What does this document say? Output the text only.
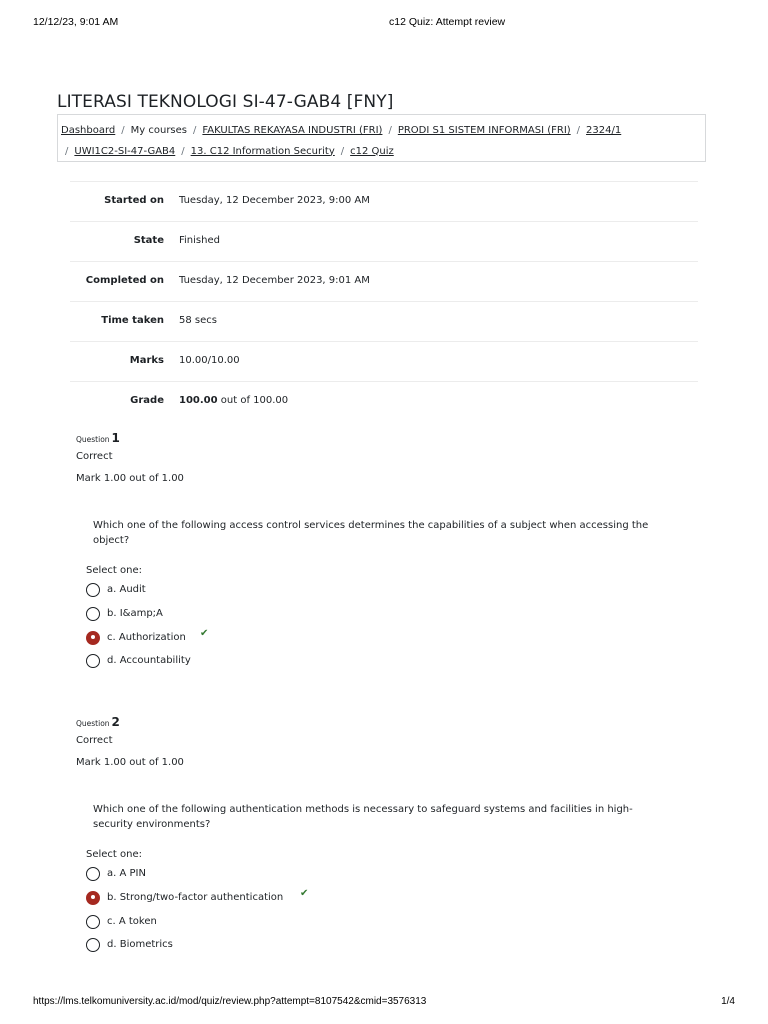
12/12/23, 9:01 AM	c12 Quiz: Attempt review
LITERASI TEKNOLOGI SI-47-GAB4 [FNY]
Dashboard / My courses / FAKULTAS REKAYASA INDUSTRI (FRI) / PRODI S1 SISTEM INFORMASI (FRI) / 2324/1
/ UWI1C2-SI-47-GAB4 / 13. C12 Information Security / c12 Quiz
Started on Tuesday, 12 December 2023, 9:00 AM
State Finished
Completed on Tuesday, 12 December 2023, 9:01 AM
Time taken 58 secs
Marks 10.00/10.00
Grade 100.00 out of 100.00
Question 1
Correct
Mark 1.00 out of 1.00
Which one of the following access control services determines the capabilities of a subject when accessing the object?
Select one:
a. Audit
b. I&amp;A
c. Authorization ✔
d. Accountability
Question 2
Correct
Mark 1.00 out of 1.00
Which one of the following authentication methods is necessary to safeguard systems and facilities in high-security environments?
Select one:
a. A PIN
b. Strong/two-factor authentication ✔
c. A token
d. Biometrics
https://lms.telkomuniversity.ac.id/mod/quiz/review.php?attempt=8107542&cmid=3576313	1/4
